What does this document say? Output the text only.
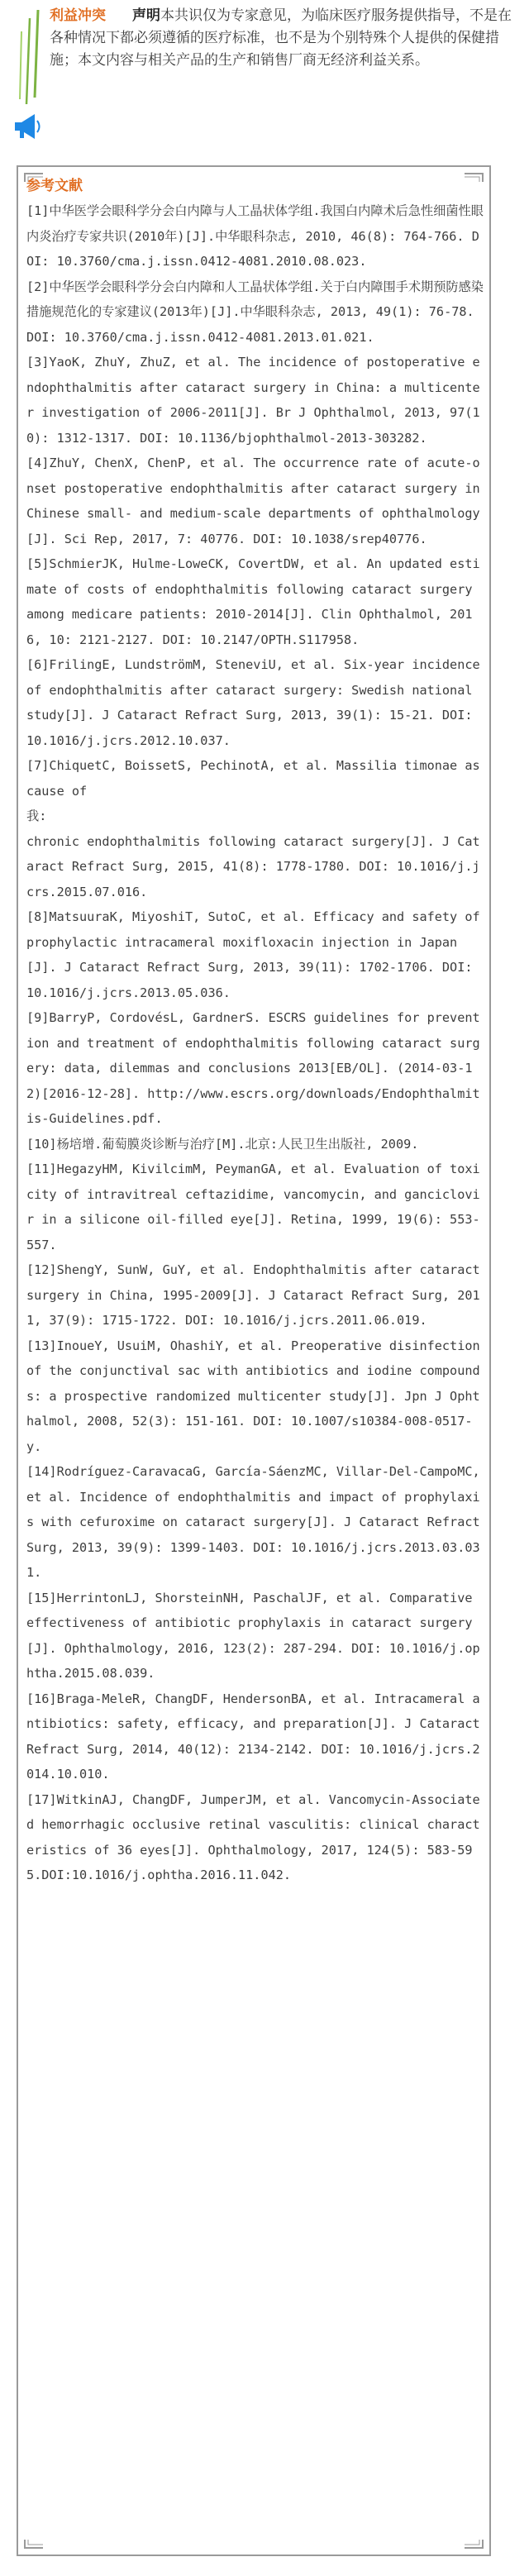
利益冲突	声明本共识仅为专家意见，为临床医疗服务提供指导，不是在各种情况下都必须遵循的医疗标准，也不是为个别特殊个人提供的保健措施；本文内容与相关产品的生产和销售厂商无经济利益关系。
参考文献

[1]中华医学会眼科学分会白内障与人工晶状体学组.我国白内障术后急性细菌性眼内炎治疗专家共识(2010年)[J].中华眼科杂志, 2010, 46(8): 764-766. DOI: 10.3760/cma.j.issn.0412-4081.2010.08.023.

[2]中华医学会眼科学分会白内障和人工晶状体学组.关于白内障围手术期预防感染措施规范化的专家建议(2013年)[J].中华眼科杂志, 2013, 49(1): 76-78. DOI: 10.3760/cma.j.issn.0412-4081.2013.01.021.

[3]YaoK, ZhuY, ZhuZ, et al. The incidence of postoperative endophthalmitis after cataract surgery in China: a multicenter investigation of 2006-2011[J]. Br J Ophthalmol, 2013, 97(10): 1312-1317. DOI: 10.1136/bjophthalmol-2013-303282.

[4]ZhuY, ChenX, ChenP, et al. The occurrence rate of acute-onset postoperative endophthalmitis after cataract surgery in Chinese small- and medium-scale departments of ophthalmology[J]. Sci Rep, 2017, 7: 40776. DOI: 10.1038/srep40776.

[5]SchmierJK, Hulme-LoweCK, CovertDW, et al. An updated estimate of costs of endophthalmitis following cataract surgery among medicare patients: 2010-2014[J]. Clin Ophthalmol, 2016, 10: 2121-2127. DOI: 10.2147/OPTH.S117958.

[6]FrilingE, LundströmM, SteneviU, et al. Six-year incidence of endophthalmitis after cataract surgery: Swedish national study[J]. J Cataract Refract Surg, 2013, 39(1): 15-21. DOI: 10.1016/j.jcrs.2012.10.037.

[7]ChiquetC, BoissetS, PechinotA, et al. Massilia timonae as cause of
我:
chronic endophthalmitis following cataract surgery[J]. J Cataract Refract Surg, 2015, 41(8): 1778-1780. DOI: 10.1016/j.jcrs.2015.07.016.

[8]MatsuuraK, MiyoshiT, SutoC, et al. Efficacy and safety of prophylactic intracameral moxifloxacin injection in Japan[J]. J Cataract Refract Surg, 2013, 39(11): 1702-1706. DOI: 10.1016/j.jcrs.2013.05.036.

[9]BarryP, CordovésL, GardnerS. ESCRS guidelines for prevention and treatment of endophthalmitis following cataract surgery: data, dilemmas and conclusions 2013[EB/OL]. (2014-03-12)[2016-12-28]. http://www.escrs.org/downloads/Endophthalmitis-Guidelines.pdf.

[10]杨培增.葡萄膜炎诊断与治疗[M].北京:人民卫生出版社, 2009.

[11]HegazyHM, KivilcimM, PeymanGA, et al. Evaluation of toxicity of intravitreal ceftazidime, vancomycin, and ganciclovir in a silicone oil-filled eye[J]. Retina, 1999, 19(6): 553-557.

[12]ShengY, SunW, GuY, et al. Endophthalmitis after cataract surgery in China, 1995-2009[J]. J Cataract Refract Surg, 2011, 37(9): 1715-1722. DOI: 10.1016/j.jcrs.2011.06.019.

[13]InoueY, UsuiM, OhashiY, et al. Preoperative disinfection of the conjunctival sac with antibiotics and iodine compounds: a prospective randomized multicenter study[J]. Jpn J Ophthalmol, 2008, 52(3): 151-161. DOI: 10.1007/s10384-008-0517-y.

[14]Rodríguez-CaravacaG, García-SáenzMC, Villar-Del-CampoMC, et al. Incidence of endophthalmitis and impact of prophylaxis with cefuroxime on cataract surgery[J]. J Cataract Refract Surg, 2013, 39(9): 1399-1403. DOI: 10.1016/j.jcrs.2013.03.031.

[15]HerrintonLJ, ShorsteinNH, PaschalJF, et al. Comparative effectiveness of antibiotic prophylaxis in cataract surgery[J]. Ophthalmology, 2016, 123(2): 287-294. DOI: 10.1016/j.ophtha.2015.08.039.

[16]Braga-MeleR, ChangDF, HendersonBA, et al. Intracameral antibiotics: safety, efficacy, and preparation[J]. J Cataract Refract Surg, 2014, 40(12): 2134-2142. DOI: 10.1016/j.jcrs.2014.10.010.

[17]WitkinAJ, ChangDF, JumperJM, et al. Vancomycin-Associated hemorrhagic occlusive retinal vasculitis: clinical characteristics of 36 eyes[J]. Ophthalmology, 2017, 124(5): 583-595.DOI:10.1016/j.ophtha.2016.11.042.
